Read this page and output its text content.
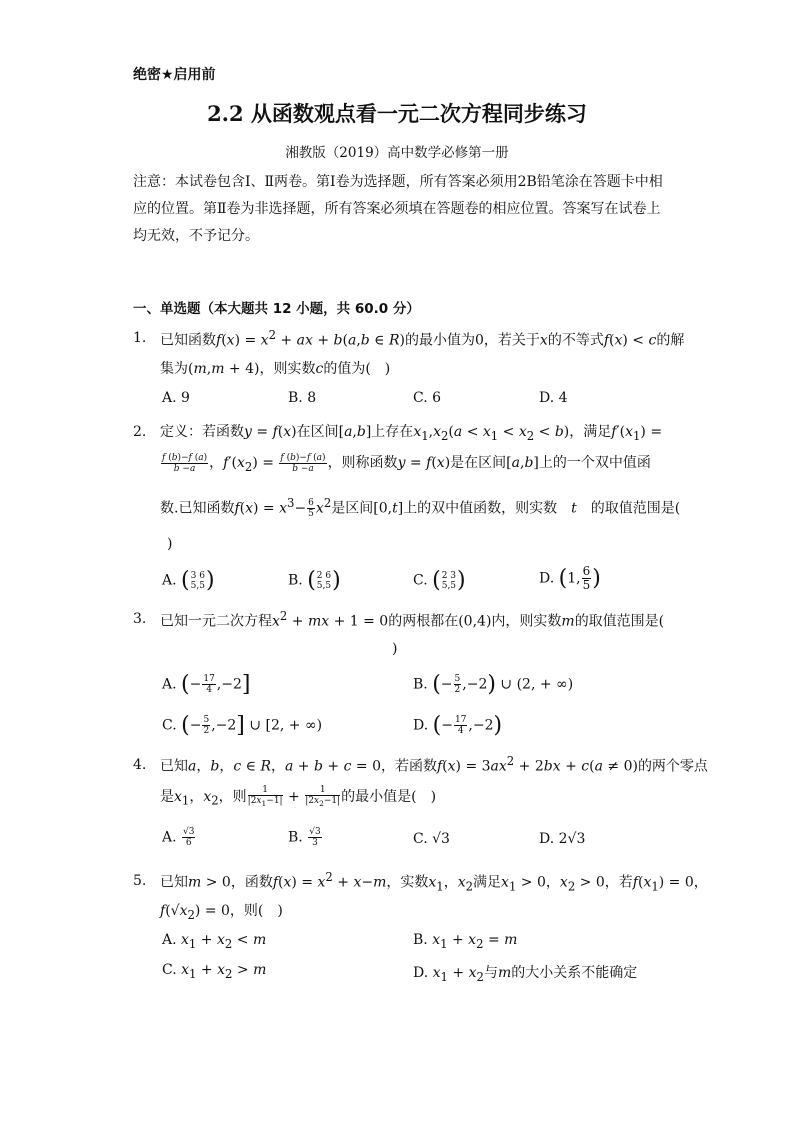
绝密★启用前
2.2 从函数观点看一元二次方程同步练习
湘教版（2019）高中数学必修第一册
注意：本试卷包含Ⅰ、Ⅱ两卷。第Ⅰ卷为选择题，所有答案必须用2B铅笔涂在答题卡中相应的位置。第Ⅱ卷为非选择题，所有答案必须填在答题卷的相应位置。答案写在试卷上均无效，不予记分。
一、单选题（本大题共 12 小题，共 60.0 分）
1. 已知函数$f(x) = x^2$ + ax + b(a,b ∈ R)的最小值为0，若关于x的不等式f(x) < c的解
集为(m,m + 4)，则实数c的值为(　)
A. 9	B. 8	C. 6	D. 4
2. 定义：若函数y = f(x)在区间[a,b]上存在$x_1,x_2(a < x_1 < x_2 < b)$，满足$f'(x_1)$ =
$\frac{f (b)-f (a)}{b -a}$ ，$f'(x_2) = \frac{f (b)-f (a)}{b -a}$ ，则称函数y = f(x)是在区间[a,b]上的一个双中值函
数.已知函数$f(x) = x^3- \frac{6}{5} x^2$是区间[0,t]上的双中值函数，则实数　t　的取值范围是(
)
A. ( 3 6
5,5 )	B. ( 2 6
5,5 )	C. ( 2 3
5,5 )	D. (1, $\frac{6}{5}$ )
3. 已知一元二次方程$x^2$ + mx + 1 = 0的两根都在(0,4)内，则实数m的取值范围是(
)
A. (− $\frac{17}{4} ,-2$]	B. (− $\frac{5}{2} ,-2$) ∪ (2, + ∞)
C. (− $\frac{5}{2} ,-2$] ∪ [2, + ∞)	D. (− $\frac{17}{4} ,-2$)
4. 已知a，b，c ∈ R，a + b + c = 0，若函数$f(x) = 3ax^2 + 2bx + c(a \ne 0)$的两个零点
是$x_1$，$x_2$，则 $\frac{1}{|2x_1-1|} + \frac{1}{|2x_2-1|}$ 的最小值是(　)
A. $\frac{√3}{6}$	B. $\frac{√3}{3}$	C. √3	D. 2√3
5. 已知m > 0，函数$f(x) = x^2 + x-m$，实数$x_1$，$x_2$满足$x_1 > 0$，$x_2 > 0$，若$f(x_1) = 0$，
$f(√x_2) = 0$，则(　)
A. $x_1 + x_2 < m$	B. $x_1 + x_2 = m$
C. $x_1 + x_2 > m$	D. $x_1 + x_2$与m的大小关系不能确定
